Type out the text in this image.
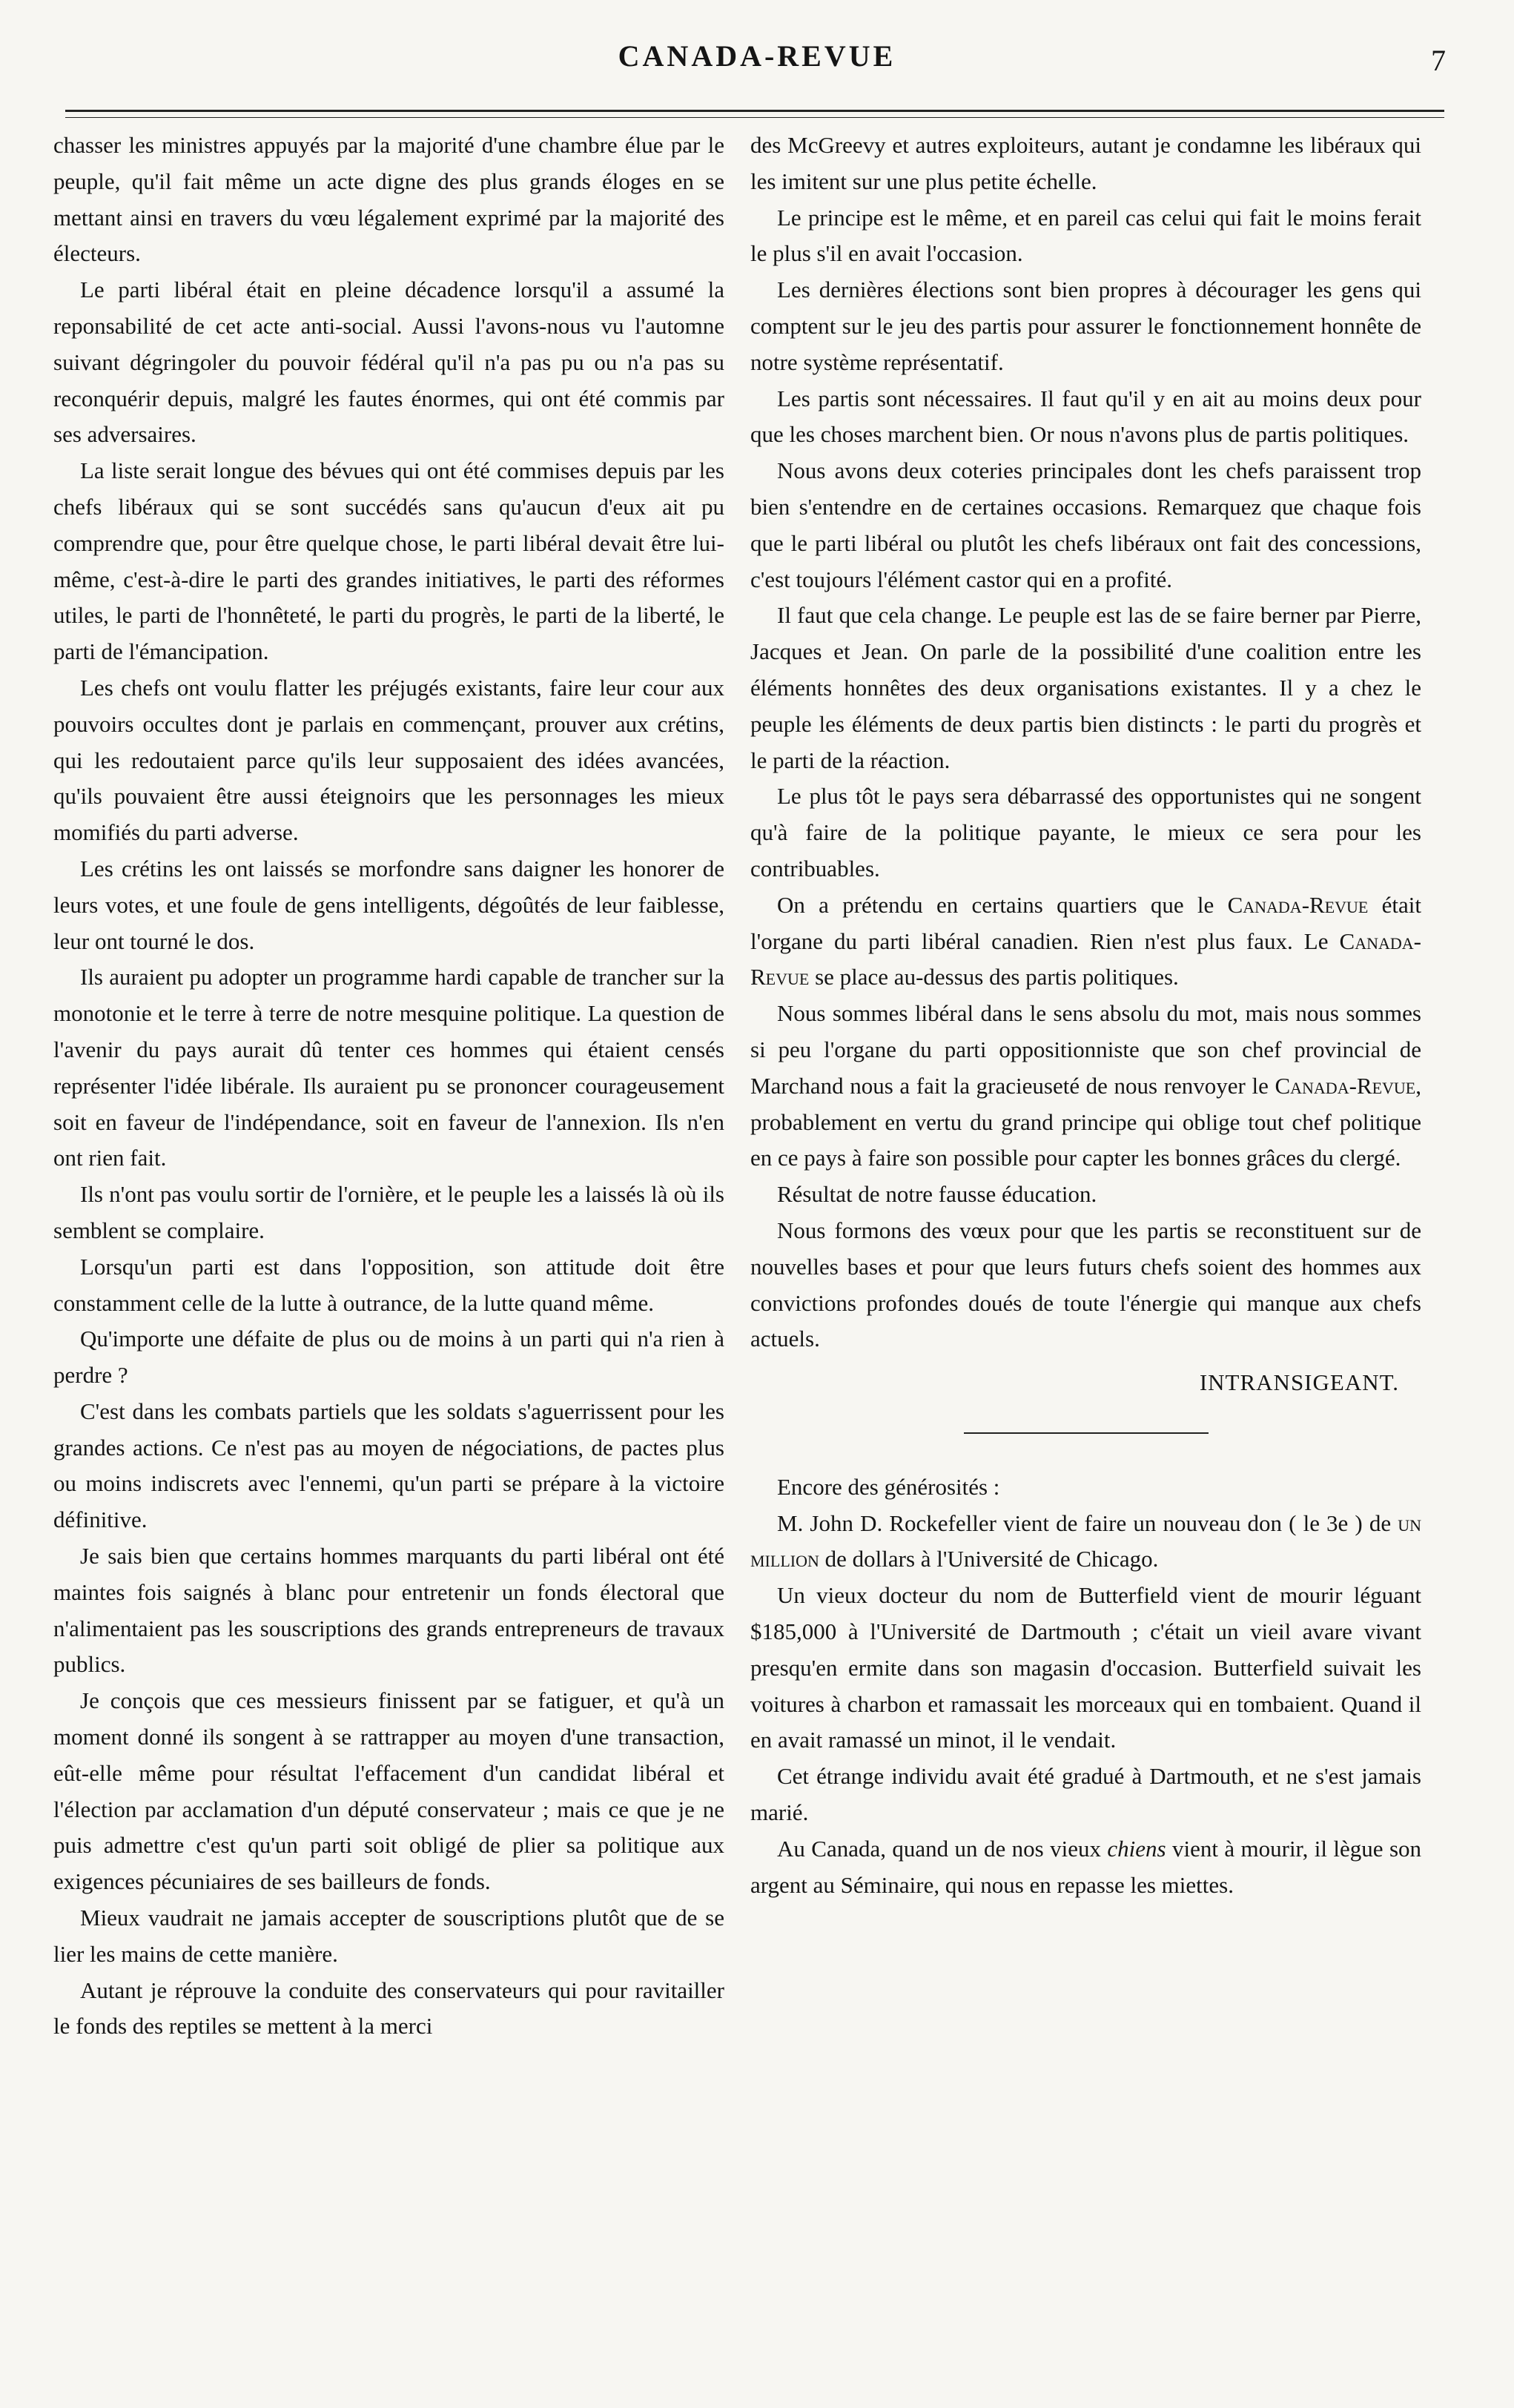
CANADA-REVUE	7

chasser les ministres appuyés par la majorité d'une chambre élue par le peuple, qu'il fait même un acte digne des plus grands éloges en se mettant ainsi en travers du vœu légalement exprimé par la majorité des électeurs.

Le parti libéral était en pleine décadence lorsqu'il a assumé la reponsabilité de cet acte anti-social. Aussi l'avons-nous vu l'automne suivant dégringoler du pouvoir fédéral qu'il n'a pas pu ou n'a pas su reconquérir depuis, malgré les fautes énormes, qui ont été commis par ses adversaires.

La liste serait longue des bévues qui ont été commises depuis par les chefs libéraux qui se sont succédés sans qu'aucun d'eux ait pu comprendre que, pour être quelque chose, le parti libéral devait être lui-même, c'est-à-dire le parti des grandes initiatives, le parti des réformes utiles, le parti de l'honnêteté, le parti du progrès, le parti de la liberté, le parti de l'émancipation.

Les chefs ont voulu flatter les préjugés existants, faire leur cour aux pouvoirs occultes dont je parlais en commençant, prouver aux crétins, qui les redoutaient parce qu'ils leur supposaient des idées avancées, qu'ils pouvaient être aussi éteignoirs que les personnages les mieux momifiés du parti adverse.

Les crétins les ont laissés se morfondre sans daigner les honorer de leurs votes, et une foule de gens intelligents, dégoûtés de leur faiblesse, leur ont tourné le dos.

Ils auraient pu adopter un programme hardi capable de trancher sur la monotonie et le terre à terre de notre mesquine politique. La question de l'avenir du pays aurait dû tenter ces hommes qui étaient censés représenter l'idée libérale. Ils auraient pu se prononcer courageusement soit en faveur de l'indépendance, soit en faveur de l'annexion. Ils n'en ont rien fait.

Ils n'ont pas voulu sortir de l'ornière, et le peuple les a laissés là où ils semblent se complaire.

Lorsqu'un parti est dans l'opposition, son attitude doit être constamment celle de la lutte à outrance, de la lutte quand même.

Qu'importe une défaite de plus ou de moins à un parti qui n'a rien à perdre ?

C'est dans les combats partiels que les soldats s'aguerrissent pour les grandes actions. Ce n'est pas au moyen de négociations, de pactes plus ou moins indiscrets avec l'ennemi, qu'un parti se prépare à la victoire définitive.

Je sais bien que certains hommes marquants du parti libéral ont été maintes fois saignés à blanc pour entretenir un fonds électoral que n'alimentaient pas les souscriptions des grands entrepreneurs de travaux publics.

Je conçois que ces messieurs finissent par se fatiguer, et qu'à un moment donné ils songent à se rattrapper au moyen d'une transaction, eût-elle même pour résultat l'effacement d'un candidat libéral et l'élection par acclamation d'un député conservateur ; mais ce que je ne puis admettre c'est qu'un parti soit obligé de plier sa politique aux exigences pécuniaires de ses bailleurs de fonds.

Mieux vaudrait ne jamais accepter de souscriptions plutôt que de se lier les mains de cette manière.

Autant je réprouve la conduite des conservateurs qui pour ravitailler le fonds des reptiles se mettent à la merci

des McGreevy et autres exploiteurs, autant je condamne les libéraux qui les imitent sur une plus petite échelle.

Le principe est le même, et en pareil cas celui qui fait le moins ferait le plus s'il en avait l'occasion.

Les dernières élections sont bien propres à décourager les gens qui comptent sur le jeu des partis pour assurer le fonctionnement honnête de notre système représentatif.

Les partis sont nécessaires. Il faut qu'il y en ait au moins deux pour que les choses marchent bien. Or nous n'avons plus de partis politiques.

Nous avons deux coteries principales dont les chefs paraissent trop bien s'entendre en de certaines occasions. Remarquez que chaque fois que le parti libéral ou plutôt les chefs libéraux ont fait des concessions, c'est toujours l'élément castor qui en a profité.

Il faut que cela change. Le peuple est las de se faire berner par Pierre, Jacques et Jean. On parle de la possibilité d'une coalition entre les éléments honnêtes des deux organisations existantes. Il y a chez le peuple les éléments de deux partis bien distincts : le parti du progrès et le parti de la réaction.

Le plus tôt le pays sera débarrassé des opportunistes qui ne songent qu'à faire de la politique payante, le mieux ce sera pour les contribuables.

On a prétendu en certains quartiers que le Canada-Revue était l'organe du parti libéral canadien. Rien n'est plus faux. Le Canada-Revue se place au-dessus des partis politiques.

Nous sommes libéral dans le sens absolu du mot, mais nous sommes si peu l'organe du parti oppositionniste que son chef provincial de Marchand nous a fait la gracieuseté de nous renvoyer le Canada-Revue, probablement en vertu du grand principe qui oblige tout chef politique en ce pays à faire son possible pour capter les bonnes grâces du clergé.

Résultat de notre fausse éducation.

Nous formons des vœux pour que les partis se reconstituent sur de nouvelles bases et pour que leurs futurs chefs soient des hommes aux convictions profondes doués de toute l'énergie qui manque aux chefs actuels.

INTRANSIGEANT.

Encore des générosités :

M. John D. Rockefeller vient de faire un nouveau don ( le 3e ) de un million de dollars à l'Université de Chicago.

Un vieux docteur du nom de Butterfield vient de mourir léguant $185,000 à l'Université de Dartmouth ; c'était un vieil avare vivant presqu'en ermite dans son magasin d'occasion. Butterfield suivait les voitures à charbon et ramassait les morceaux qui en tombaient. Quand il en avait ramassé un minot, il le vendait.

Cet étrange individu avait été gradué à Dartmouth, et ne s'est jamais marié.

Au Canada, quand un de nos vieux chiens vient à mourir, il lègue son argent au Séminaire, qui nous en repasse les miettes.
